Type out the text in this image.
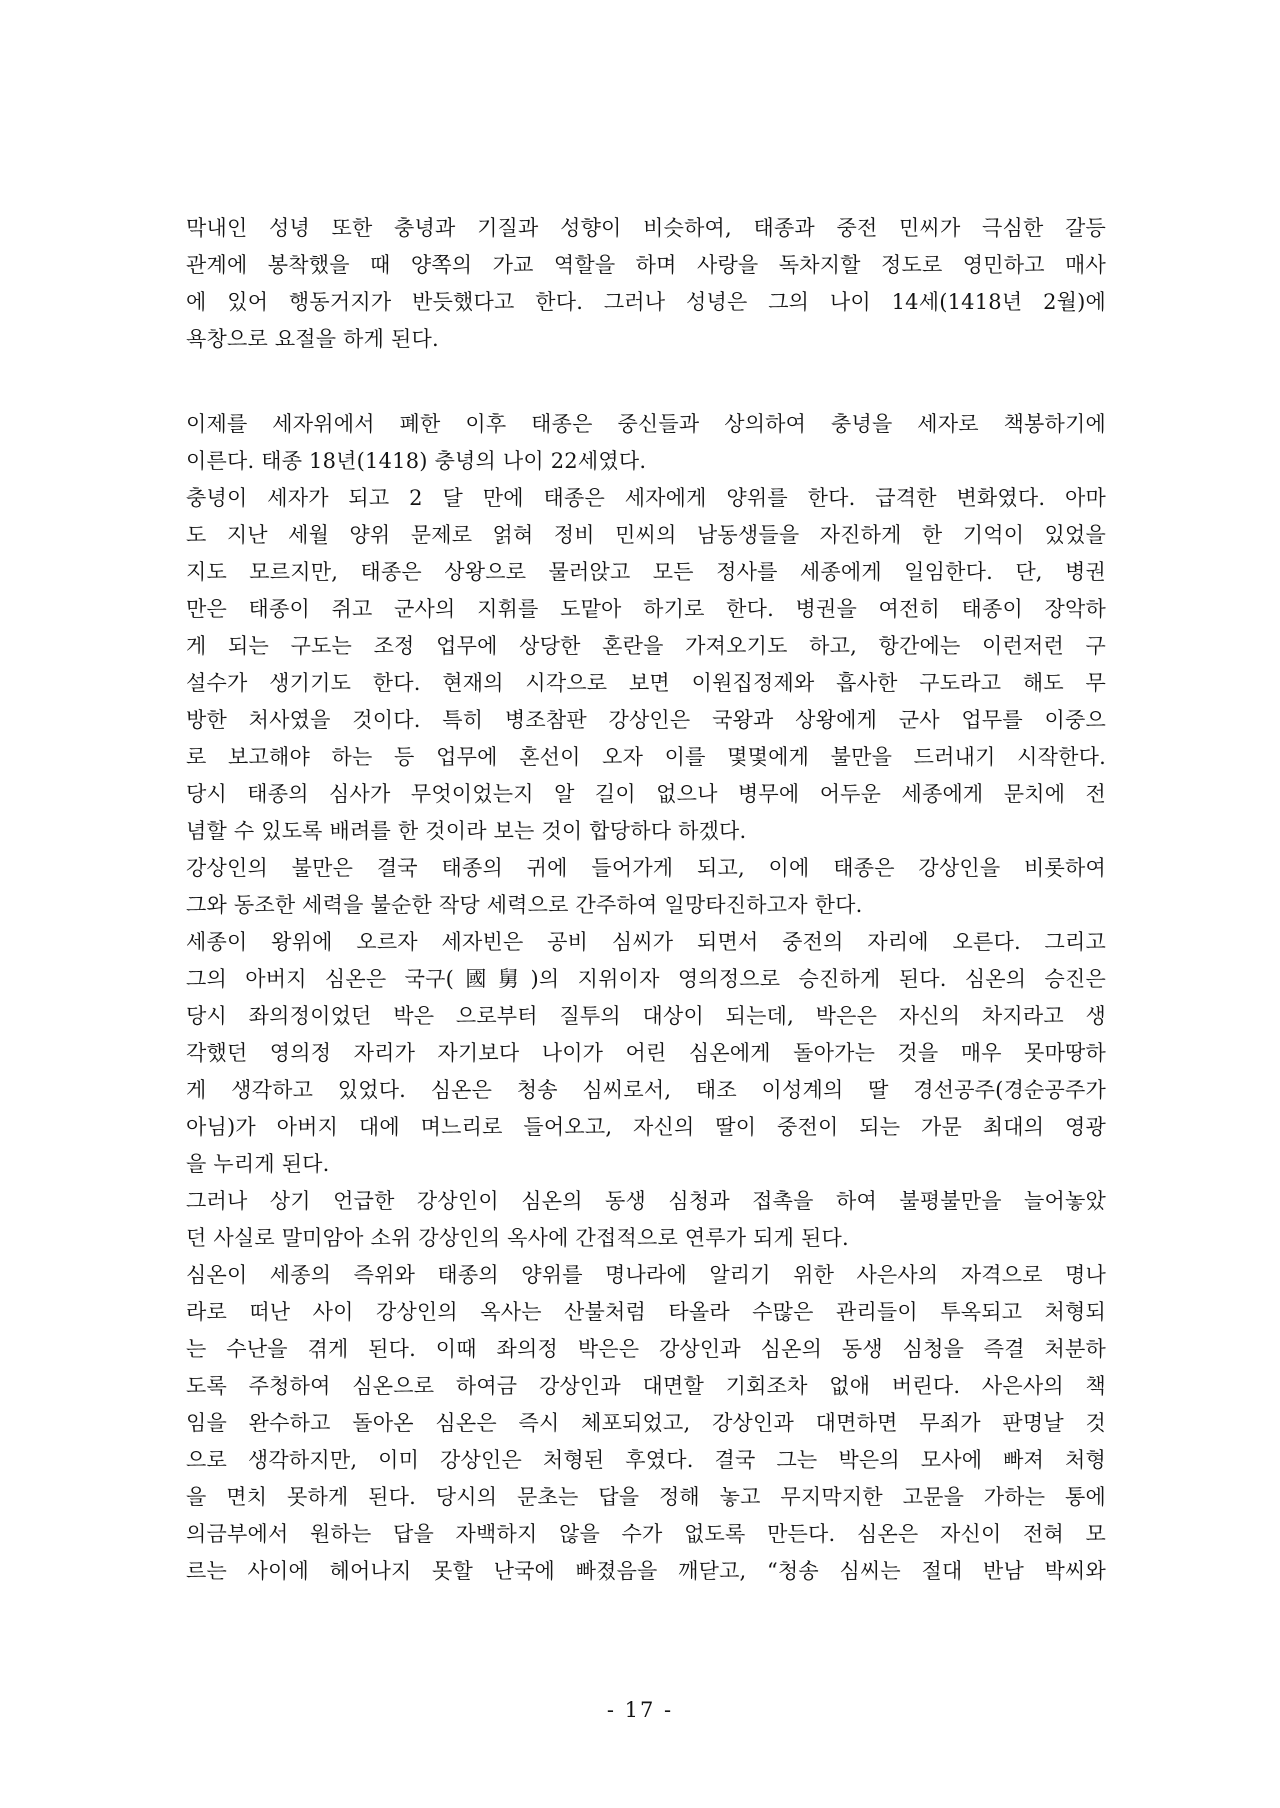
막내인 성녕 또한 충녕과 기질과 성향이 비슷하여, 태종과 중전 민씨가 극심한 갈등
관계에 봉착했을 때 양쪽의 가교 역할을 하며 사랑을 독차지할 정도로 영민하고 매사
에 있어 행동거지가 반듯했다고 한다. 그러나 성녕은 그의 나이 14세(1418년 2월)에
욕창으로 요절을 하게 된다.
이제를 세자위에서 폐한 이후 태종은 중신들과 상의하여 충녕을 세자로 책봉하기에
이른다. 태종 18년(1418) 충녕의 나이 22세였다.
충녕이 세자가 되고 2 달 만에 태종은 세자에게 양위를 한다. 급격한 변화였다. 아마
도 지난 세월 양위 문제로 얽혀 정비 민씨의 남동생들을 자진하게 한 기억이 있었을
지도 모르지만, 태종은 상왕으로 물러앉고 모든 정사를 세종에게 일임한다. 단, 병권
만은 태종이 쥐고 군사의 지휘를 도맡아 하기로 한다. 병권을 여전히 태종이 장악하
게 되는 구도는 조정 업무에 상당한 혼란을 가져오기도 하고, 항간에는 이런저런 구
설수가 생기기도 한다. 현재의 시각으로 보면 이원집정제와 흡사한 구도라고 해도 무
방한 처사였을 것이다. 특히 병조참판 강상인은 국왕과 상왕에게 군사 업무를 이중으
로 보고해야 하는 등 업무에 혼선이 오자 이를 몇몇에게 불만을 드러내기 시작한다.
당시 태종의 심사가 무엇이었는지 알 길이 없으나 병무에 어두운 세종에게 문치에 전
념할 수 있도록 배려를 한 것이라 보는 것이 합당하다 하겠다.
강상인의 불만은 결국 태종의 귀에 들어가게 되고, 이에 태종은 강상인을 비롯하여
그와 동조한 세력을 불순한 작당 세력으로 간주하여 일망타진하고자 한다.
세종이 왕위에 오르자 세자빈은 공비 심씨가 되면서 중전의 자리에 오른다. 그리고
그의 아버지 심온은 국구(國舅)의 지위이자 영의정으로 승진하게 된다. 심온의 승진은
당시 좌의정이었던 박은 으로부터 질투의 대상이 되는데, 박은은 자신의 차지라고 생
각했던 영의정 자리가 자기보다 나이가 어린 심온에게 돌아가는 것을 매우 못마땅하
게 생각하고 있었다. 심온은 청송 심씨로서, 태조 이성계의 딸 경선공주(경순공주가
아님)가 아버지 대에 며느리로 들어오고, 자신의 딸이 중전이 되는 가문 최대의 영광
을 누리게 된다.
그러나 상기 언급한 강상인이 심온의 동생 심청과 접촉을 하여 불평불만을 늘어놓았
던 사실로 말미암아 소위 강상인의 옥사에 간접적으로 연루가 되게 된다.
심온이 세종의 즉위와 태종의 양위를 명나라에 알리기 위한 사은사의 자격으로 명나
라로 떠난 사이 강상인의 옥사는 산불처럼 타올라 수많은 관리들이 투옥되고 처형되
는 수난을 겪게 된다. 이때 좌의정 박은은 강상인과 심온의 동생 심청을 즉결 처분하
도록 주청하여 심온으로 하여금 강상인과 대면할 기회조차 없애 버린다. 사은사의 책
임을 완수하고 돌아온 심온은 즉시 체포되었고, 강상인과 대면하면 무죄가 판명날 것
으로 생각하지만, 이미 강상인은 처형된 후였다. 결국 그는 박은의 모사에 빠져 처형
을 면치 못하게 된다. 당시의 문초는 답을 정해 놓고 무지막지한 고문을 가하는 통에
의금부에서 원하는 답을 자백하지 않을 수가 없도록 만든다. 심온은 자신이 전혀 모
르는 사이에 헤어나지 못할 난국에 빠졌음을 깨닫고, “청송 심씨는 절대 반남 박씨와
- 17 -
